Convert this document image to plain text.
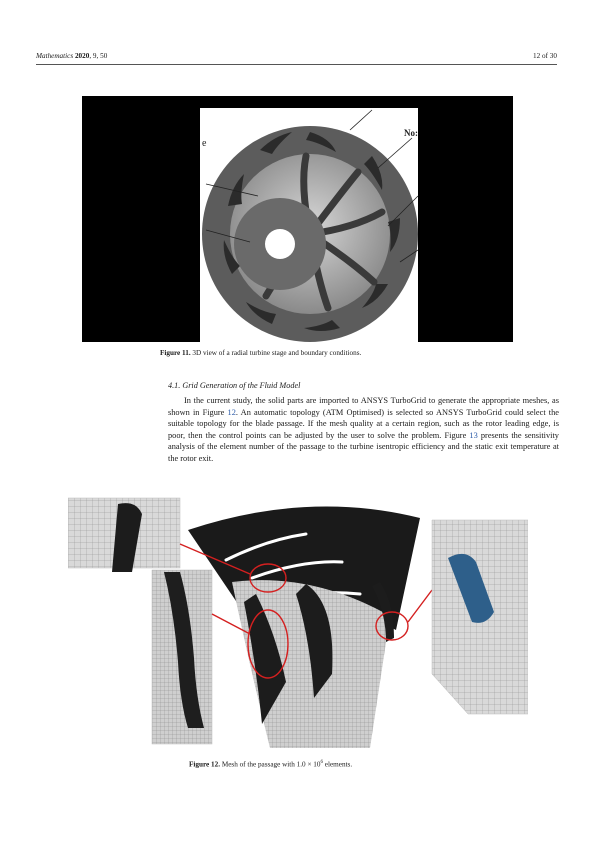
Mathematics 2020, 9, 50	12 of 30
e
No:
Figure 11. 3D view of a radial turbine stage and boundary conditions.
4.1. Grid Generation of the Fluid Model

In the current study, the solid parts are imported to ANSYS TurboGrid to generate the appropriate meshes, as shown in Figure 12. An automatic topology (ATM Optimised) is selected so ANSYS TurboGrid could select the suitable topology for the blade passage. If the mesh quality at a certain region, such as the rotor leading edge, is poor, then the control points can be adjusted by the user to solve the problem. Figure 13 presents the sensitivity analysis of the element number of the passage to the turbine isentropic efficiency and the static exit temperature at the rotor exit.

Figure 12. Mesh of the passage with $1.0 \times 10^6$ elements.
